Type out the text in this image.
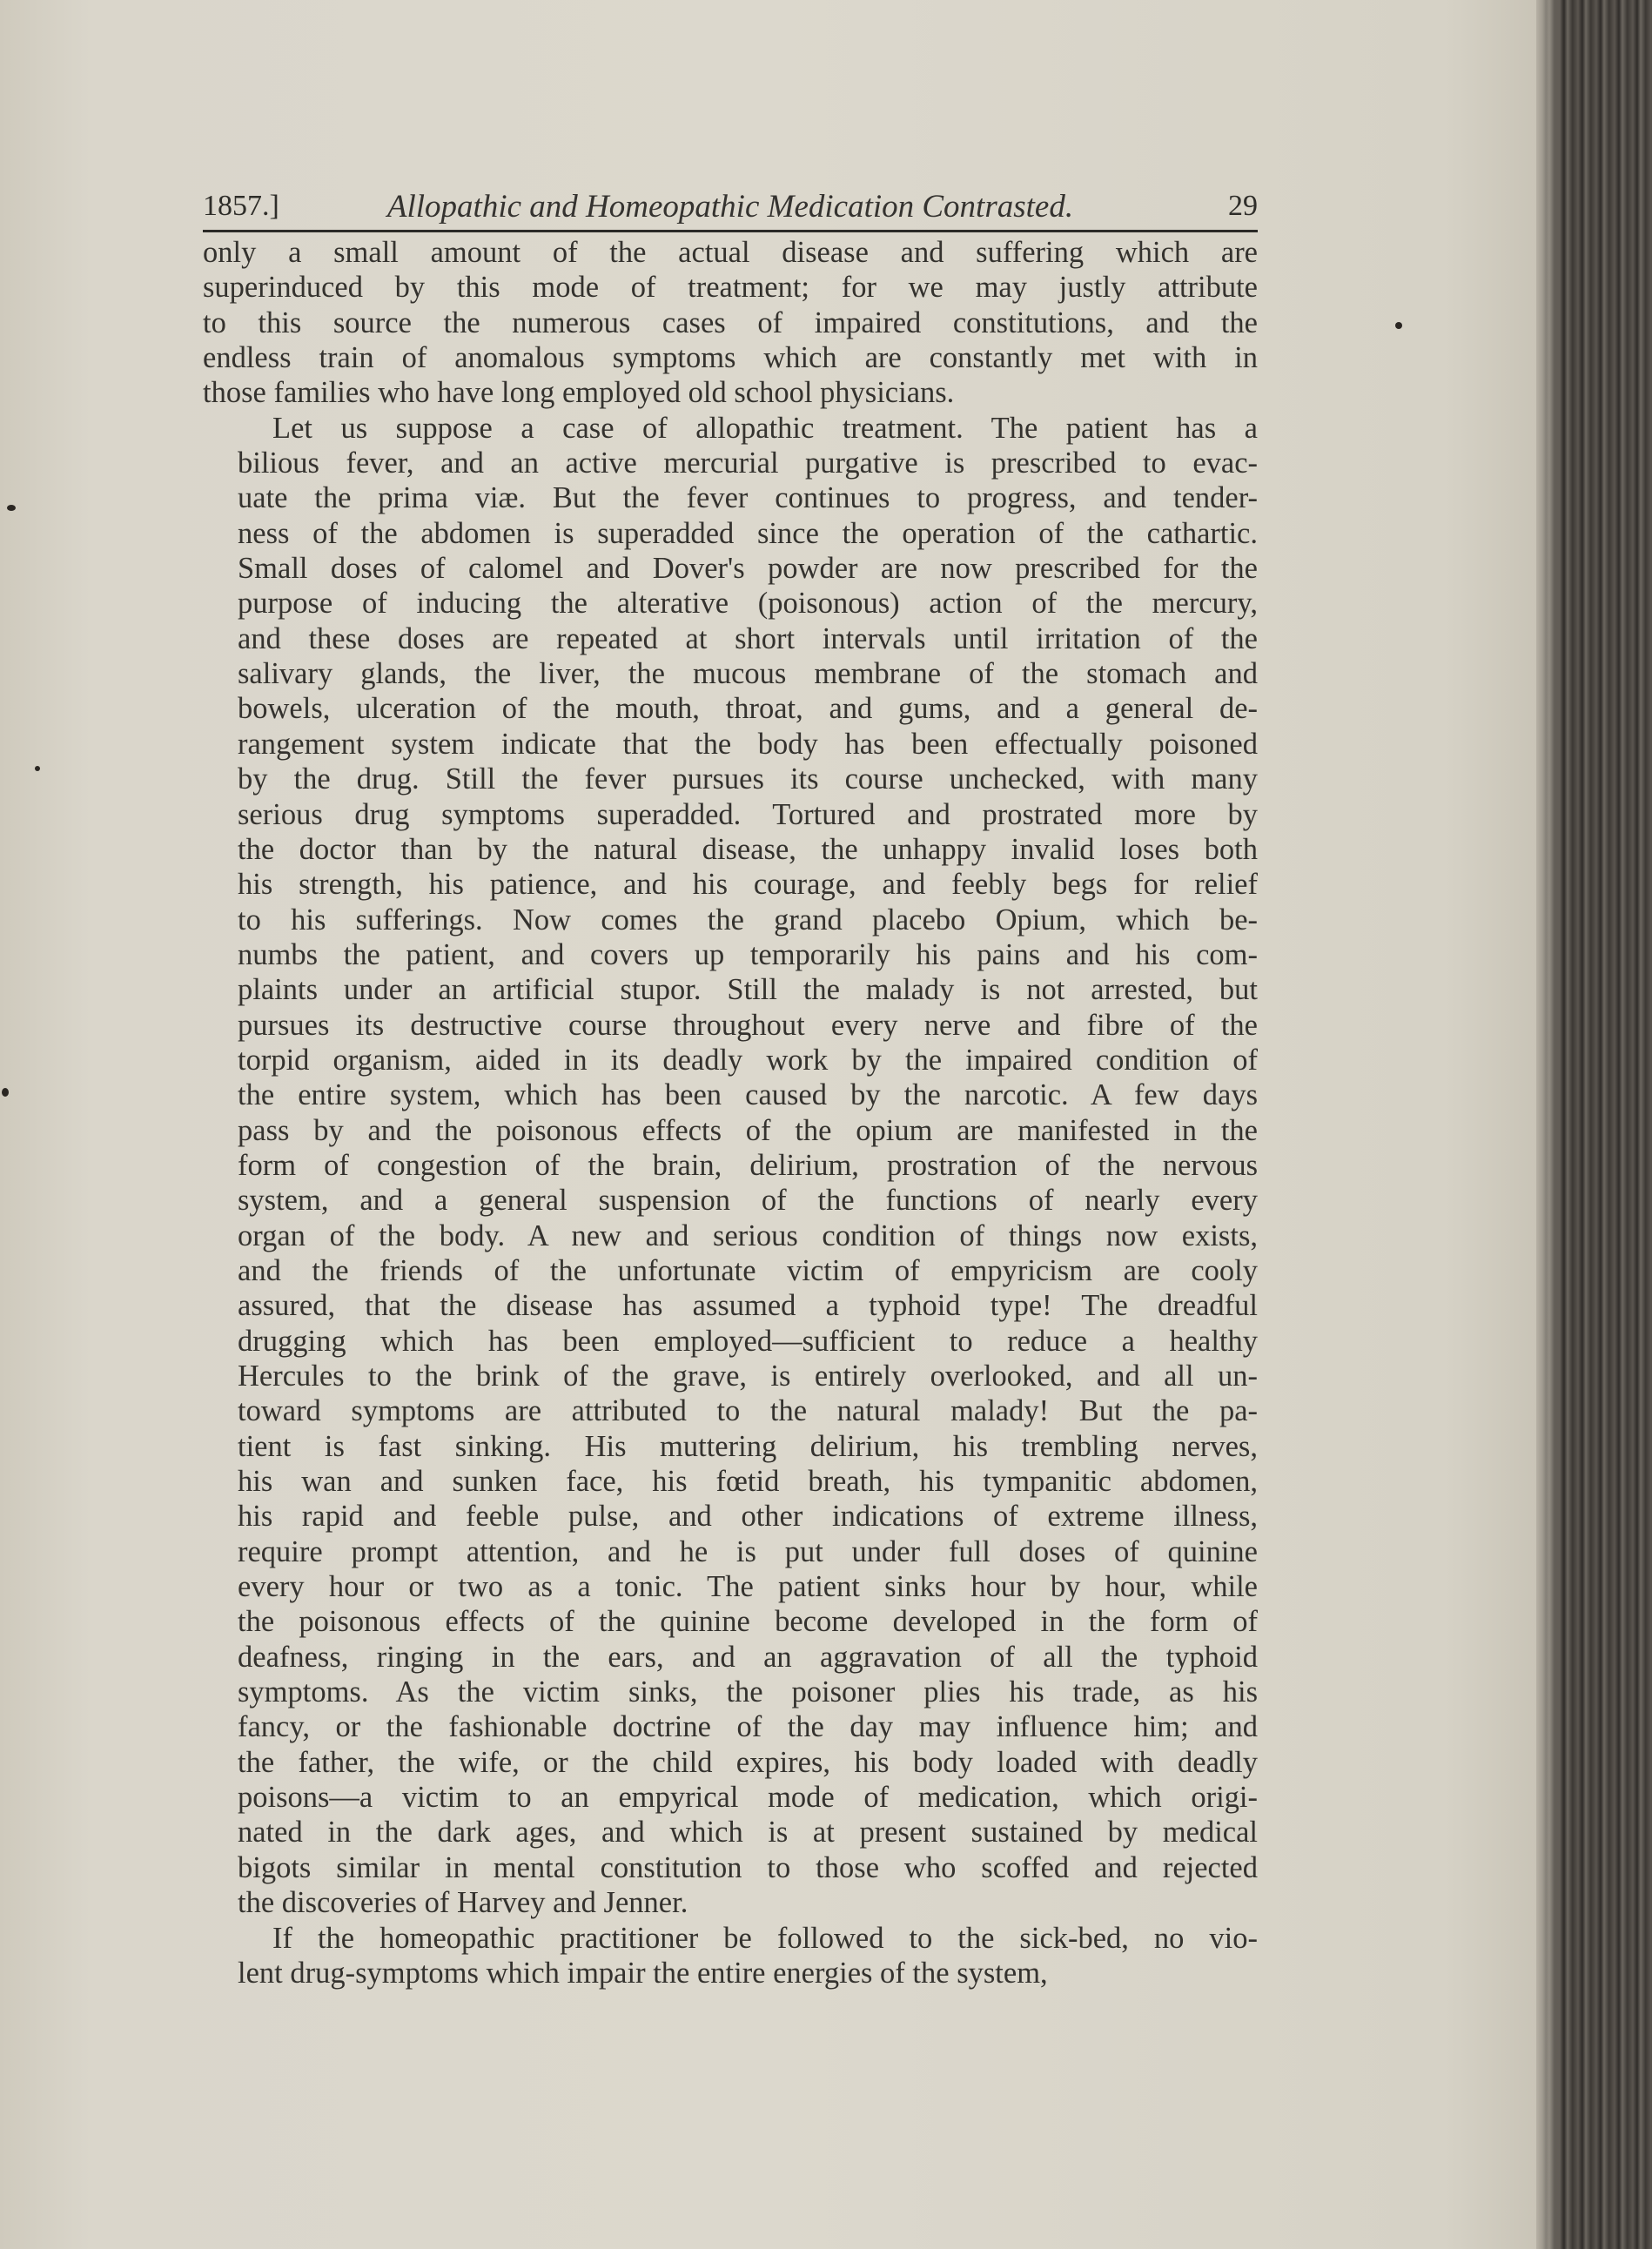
1857.]	Allopathic and Homeopathic Medication Contrasted.	29
only a small amount of the actual disease and suffering which are
superinduced by this mode of treatment; for we may justly attribute
to this source the numerous cases of impaired constitutions, and the
endless train of anomalous symptoms which are constantly met with in
those families who have long employed old school physicians.
Let us suppose a case of allopathic treatment. The patient has a
bilious fever, and an active mercurial purgative is prescribed to evac-
uate the prima viæ. But the fever continues to progress, and tender-
ness of the abdomen is superadded since the operation of the cathartic.
Small doses of calomel and Dover's powder are now prescribed for the
purpose of inducing the alterative (poisonous) action of the mercury,
and these doses are repeated at short intervals until irritation of the
salivary glands, the liver, the mucous membrane of the stomach and
bowels, ulceration of the mouth, throat, and gums, and a general de-
rangement system indicate that the body has been effectually poisoned
by the drug. Still the fever pursues its course unchecked, with many
serious drug symptoms superadded. Tortured and prostrated more by
the doctor than by the natural disease, the unhappy invalid loses both
his strength, his patience, and his courage, and feebly begs for relief
to his sufferings. Now comes the grand placebo Opium, which be-
numbs the patient, and covers up temporarily his pains and his com-
plaints under an artificial stupor. Still the malady is not arrested, but
pursues its destructive course throughout every nerve and fibre of the
torpid organism, aided in its deadly work by the impaired condition of
the entire system, which has been caused by the narcotic. A few days
pass by and the poisonous effects of the opium are manifested in the
form of congestion of the brain, delirium, prostration of the nervous
system, and a general suspension of the functions of nearly every
organ of the body. A new and serious condition of things now exists,
and the friends of the unfortunate victim of empyricism are cooly
assured, that the disease has assumed a typhoid type! The dreadful
drugging which has been employed—sufficient to reduce a healthy
Hercules to the brink of the grave, is entirely overlooked, and all un-
toward symptoms are attributed to the natural malady! But the pa-
tient is fast sinking. His muttering delirium, his trembling nerves,
his wan and sunken face, his fœtid breath, his tympanitic abdomen,
his rapid and feeble pulse, and other indications of extreme illness,
require prompt attention, and he is put under full doses of quinine
every hour or two as a tonic. The patient sinks hour by hour, while
the poisonous effects of the quinine become developed in the form of
deafness, ringing in the ears, and an aggravation of all the typhoid
symptoms. As the victim sinks, the poisoner plies his trade, as his
fancy, or the fashionable doctrine of the day may influence him; and
the father, the wife, or the child expires, his body loaded with deadly
poisons—a victim to an empyrical mode of medication, which origi-
nated in the dark ages, and which is at present sustained by medical
bigots similar in mental constitution to those who scoffed and rejected
the discoveries of Harvey and Jenner.
If the homeopathic practitioner be followed to the sick-bed, no vio-
lent drug-symptoms which impair the entire energies of the system,
